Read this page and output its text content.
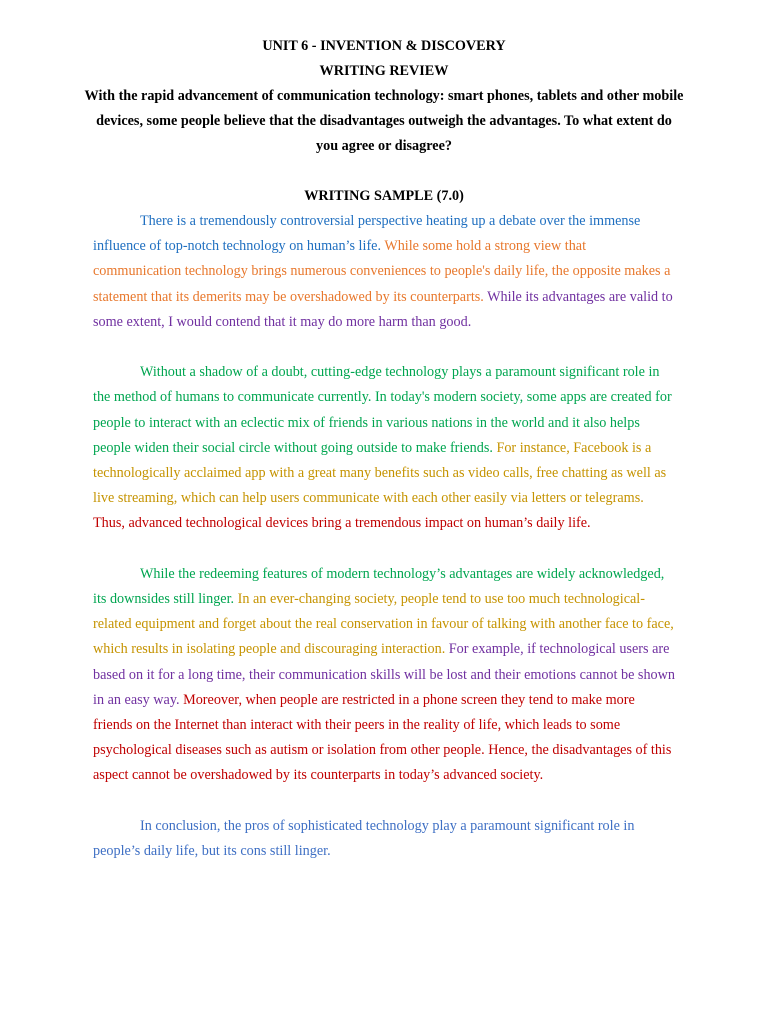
UNIT 6 - INVENTION & DISCOVERY
WRITING REVIEW
With the rapid advancement of communication technology: smart phones, tablets and other mobile devices, some people believe that the disadvantages outweigh the advantages. To what extent do you agree or disagree?
WRITING SAMPLE (7.0)

There is a tremendously controversial perspective heating up a debate over the immense influence of top-notch technology on human’s life. While some hold a strong view that communication technology brings numerous conveniences to people's daily life, the opposite makes a statement that its demerits may be overshadowed by its counterparts. While its advantages are valid to some extent, I would contend that it may do more harm than good.

Without a shadow of a doubt, cutting-edge technology plays a paramount significant role in the method of humans to communicate currently. In today's modern society, some apps are created for people to interact with an eclectic mix of friends in various nations in the world and it also helps people widen their social circle without going outside to make friends. For instance, Facebook is a technologically acclaimed app with a great many benefits such as video calls, free chatting as well as live streaming, which can help users communicate with each other easily via letters or telegrams. Thus, advanced technological devices bring a tremendous impact on human’s daily life.

While the redeeming features of modern technology’s advantages are widely acknowledged, its downsides still linger. In an ever-changing society, people tend to use too much technological-related equipment and forget about the real conservation in favour of talking with another face to face, which results in isolating people and discouraging interaction. For example, if technological users are based on it for a long time, their communication skills will be lost and their emotions cannot be shown in an easy way. Moreover, when people are restricted in a phone screen they tend to make more friends on the Internet than interact with their peers in the reality of life, which leads to some psychological diseases such as autism or isolation from other people. Hence, the disadvantages of this aspect cannot be overshadowed by its counterparts in today’s advanced society.

In conclusion, the pros of sophisticated technology play a paramount significant role in people’s daily life, but its cons still linger.
